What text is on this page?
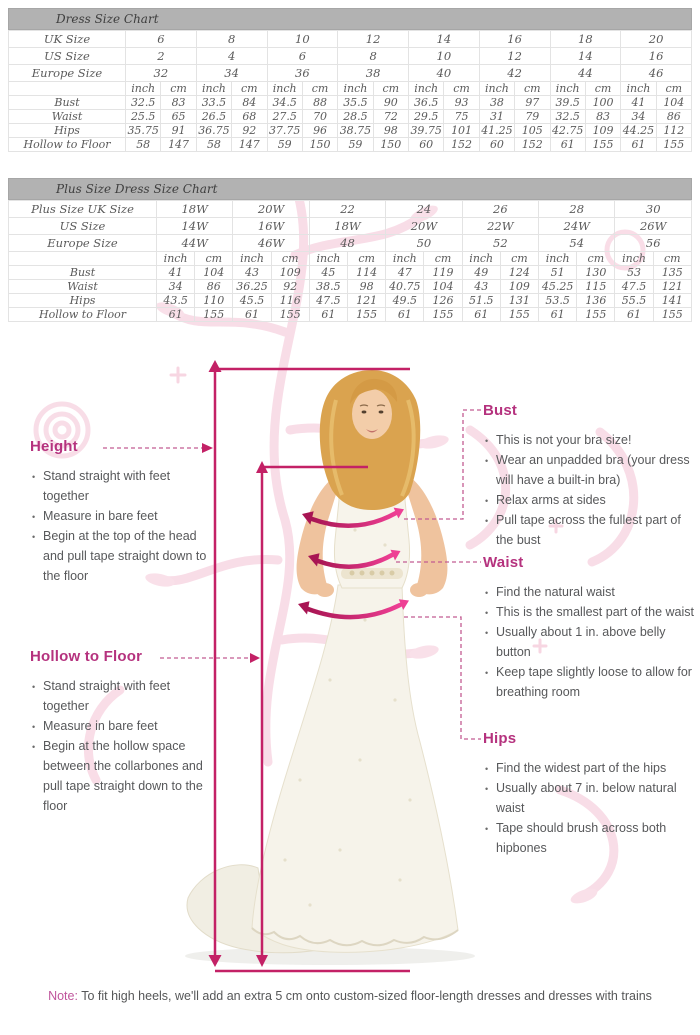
Dress Size Chart
UK Size	6		8		10		12		14		16		18		20	
US Size	2		4		6		8		10		12		14		16	
Europe Size	32		34		36		38		40		42		44		46	
	inch	cm	inch	cm	inch	cm	inch	cm	inch	cm	inch	cm	inch	cm	inch	cm
Bust	32.5	83	33.5	84	34.5	88	35.5	90	36.5	93	38	97	39.5	100	41	104
Waist	25.5	65	26.5	68	27.5	70	28.5	72	29.5	75	31	79	32.5	83	34	86
Hips	35.75	91	36.75	92	37.75	96	38.75	98	39.75	101	41.25	105	42.75	109	44.25	112
Hollow to Floor	58	147	58	147	59	150	59	150	60	152	60	152	61	155	61	155
Plus Size Dress Size Chart
Plus Size UK Size	18W		20W		22		24		26		28		30	
US Size	14W		16W		18W		20W		22W		24W		26W	
Europe Size	44W		46W		48		50		52		54		56	
	inch	cm	inch	cm	inch	cm	inch	cm	inch	cm	inch	cm	inch	cm
Bust	41	104	43	109	45	114	47	119	49	124	51	130	53	135
Waist	34	86	36.25	92	38.5	98	40.75	104	43	109	45.25	115	47.5	121
Hips	43.5	110	45.5	116	47.5	121	49.5	126	51.5	131	53.5	136	55.5	141
Hollow to Floor	61	155	61	155	61	155	61	155	61	155	61	155	61	155
Height
• Stand straight with feet together
• Measure in bare feet
• Begin at the top of the head and pull tape straight down to the floor
Hollow to Floor
• Stand straight with feet together
• Measure in bare feet
• Begin at the hollow space between the collarbones and pull tape straight down to the floor
Bust
• This is not your bra size!
• Wear an unpadded bra (your dress will have a built-in bra)
• Relax arms at sides
• Pull tape across the fullest part of the bust
Waist
• Find the natural waist
• This is the smallest part of the waist
• Usually about 1 in. above belly button
• Keep tape slightly loose to allow for breathing room
Hips
• Find the widest part of the hips
• Usually about 7 in. below natural waist
• Tape should brush across both hipbones
Note: To fit high heels, we'll add an extra 5 cm onto custom-sized floor-length dresses and dresses with trains
